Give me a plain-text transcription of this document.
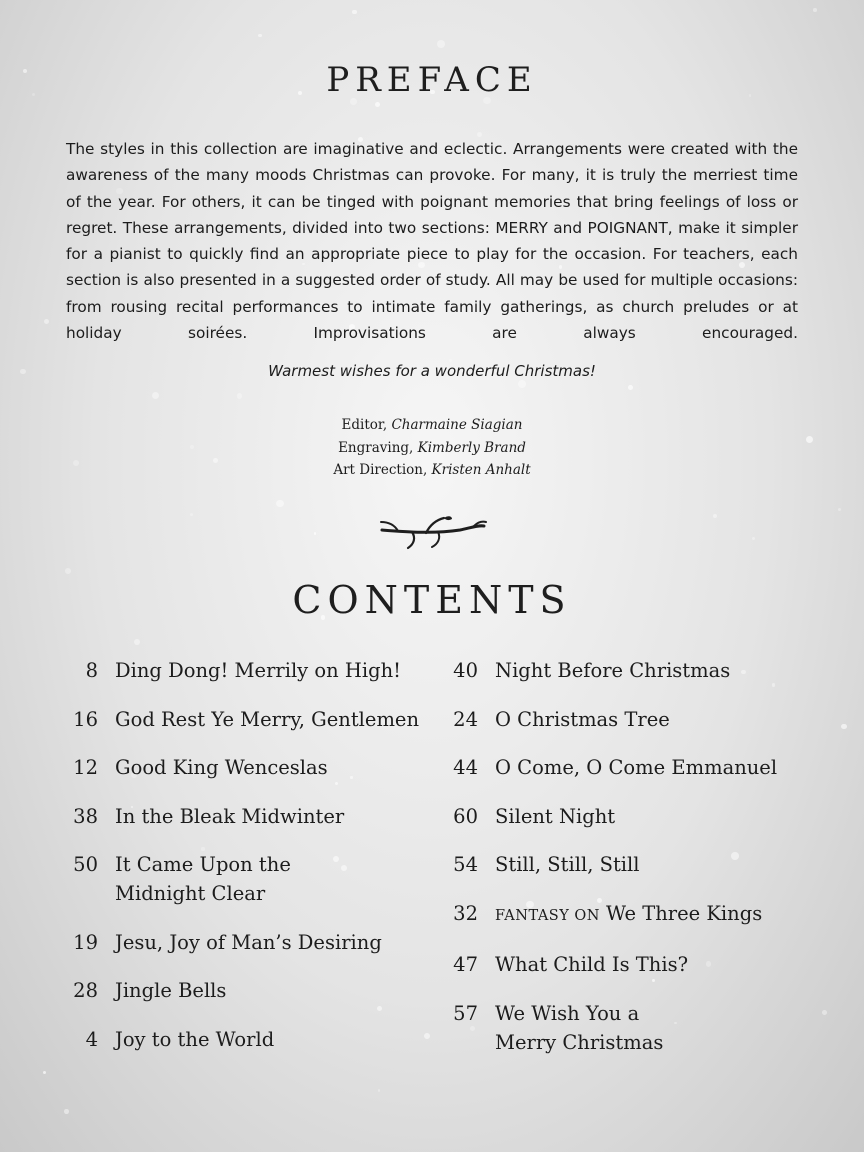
PREFACE

The styles in this collection are imaginative and eclectic. Arrangements were created with the awareness of the many moods Christmas can provoke. For many, it is truly the merriest time of the year. For others, it can be tinged with poignant memories that bring feelings of loss or regret. These arrangements, divided into two sections: MERRY and POIGNANT, make it simpler for a pianist to quickly find an appropriate piece to play for the occasion. For teachers, each section is also presented in a suggested order of study. All may be used for multiple occasions: from rousing recital performances to intimate family gatherings, as church preludes or at holiday soirées. Improvisations are always encouraged.

Warmest wishes for a wonderful Christmas!
Editor, Charmaine Siagian
Engraving, Kimberly Brand
Art Direction, Kristen Anhalt
CONTENTS
8 Ding Dong! Merrily on High!
16 God Rest Ye Merry, Gentlemen
12 Good King Wenceslas
38 In the Bleak Midwinter
50 It Came Upon the
Midnight Clear
19 Jesu, Joy of Man’s Desiring
28 Jingle Bells
4 Joy to the World
40 Night Before Christmas
24 O Christmas Tree
44 O Come, O Come Emmanuel
60 Silent Night
54 Still, Still, Still
32 FANTASY ON We Three Kings
47 What Child Is This?
57 We Wish You a
Merry Christmas
